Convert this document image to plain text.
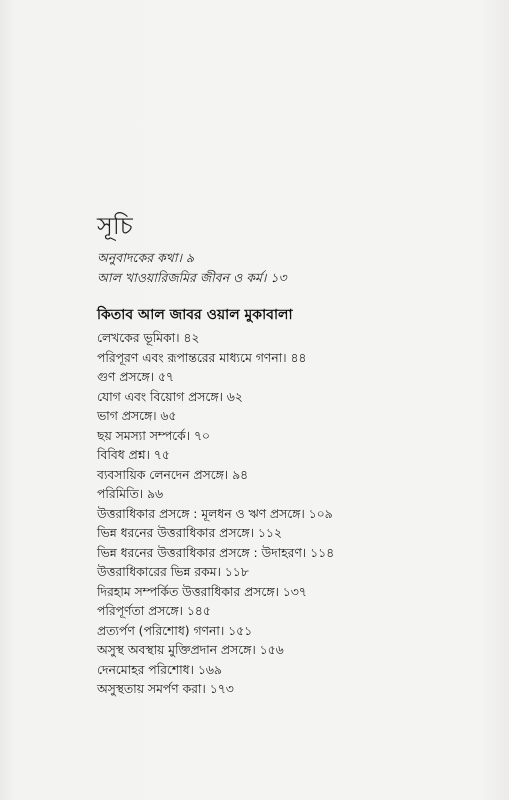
সূচি
অনুবাদকের কথা। ৯
আল খাওয়ারিজমির জীবন ও কর্ম। ১৩
কিতাব আল জাবর ওয়াল মুকাবালা
লেখকের ভূমিকা। ৪২
পরিপূরণ এবং রূপান্তরের মাধ্যমে গণনা। ৪৪
গুণ প্রসঙ্গে। ৫৭
যোগ এবং বিয়োগ প্রসঙ্গে। ৬২
ভাগ প্রসঙ্গে। ৬৫
ছয় সমস্যা সম্পর্কে। ৭০
বিবিধ প্রশ্ন। ৭৫
ব্যবসায়িক লেনদেন প্রসঙ্গে। ৯৪
পরিমিতি। ৯৬
উত্তরাধিকার প্রসঙ্গে : মূলধন ও ঋণ প্রসঙ্গে। ১০৯
ভিন্ন ধরনের উত্তরাধিকার প্রসঙ্গে। ১১২
ভিন্ন ধরনের উত্তরাধিকার প্রসঙ্গে : উদাহরণ। ১১৪
উত্তরাধিকারের ভিন্ন রকম। ১১৮
দিরহাম সম্পর্কিত উত্তরাধিকার প্রসঙ্গে। ১৩৭
পরিপূর্ণতা প্রসঙ্গে। ১৪৫
প্রত্যর্পণ (পরিশোধ) গণনা। ১৫১
অসুস্থ অবস্থায় মুক্তিপ্রদান প্রসঙ্গে। ১৫৬
দেনমোহর পরিশোধ। ১৬৯
অসুস্থতায় সমর্পণ করা। ১৭৩
